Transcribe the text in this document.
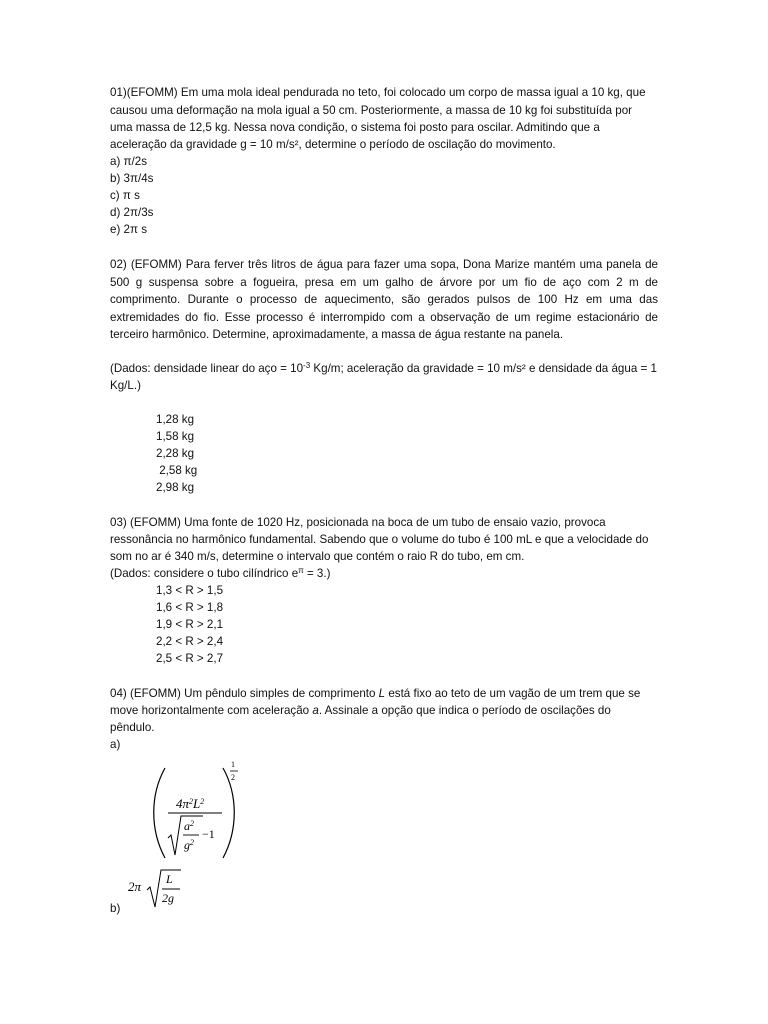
01)(EFOMM) Em uma mola ideal pendurada no teto, foi colocado um corpo de massa igual a 10 kg, que
causou uma deformação na mola igual a 50 cm. Posteriormente, a massa de 10 kg foi substituída por
uma massa de 12,5 kg. Nessa nova condição, o sistema foi posto para oscilar. Admitindo que a
aceleração da gravidade g = 10 m/s², determine o período de oscilação do movimento.
a) π/2s
b) 3π/4s
c) π s
d) 2π/3s
e) 2π s
02) (EFOMM) Para ferver três litros de água para fazer uma sopa, Dona Marize mantém uma panela de 500 g suspensa sobre a fogueira, presa em um galho de árvore por um fio de aço com 2 m de comprimento. Durante o processo de aquecimento, são gerados pulsos de 100 Hz em uma das extremidades do fio. Esse processo é interrompido com a observação de um regime estacionário de terceiro harmônico. Determine, aproximadamente, a massa de água restante na panela.
(Dados: densidade linear do aço = $10^{-3}$ Kg/m; aceleração da gravidade = 10 m/s² e densidade da água = 1
Kg/L.)
1,28 kg
1,58 kg
2,28 kg
2,58 kg
2,98 kg
03) (EFOMM) Uma fonte de 1020 Hz, posicionada na boca de um tubo de ensaio vazio, provoca
ressonância no harmônico fundamental. Sabendo que o volume do tubo é 100 mL e que a velocidade do
som no ar é 340 m/s, determine o intervalo que contém o raio R do tubo, em cm.
(Dados: considere o tubo cilíndrico $e^\pi = 3$.)
1,3 < R > 1,5
1,6 < R > 1,8
1,9 < R > 2,1
2,2 < R > 2,4
2,5 < R > 2,7
04) (EFOMM) Um pêndulo simples de comprimento L está fixo ao teto de um vagão de um trem que se
move horizontalmente com aceleração a. Assinale a opção que indica o período de oscilações do
pêndulo.
a)
1
2
$4\pi^2L^2$
$a^2$
$g^2$
−1
2π L
2g
b)
